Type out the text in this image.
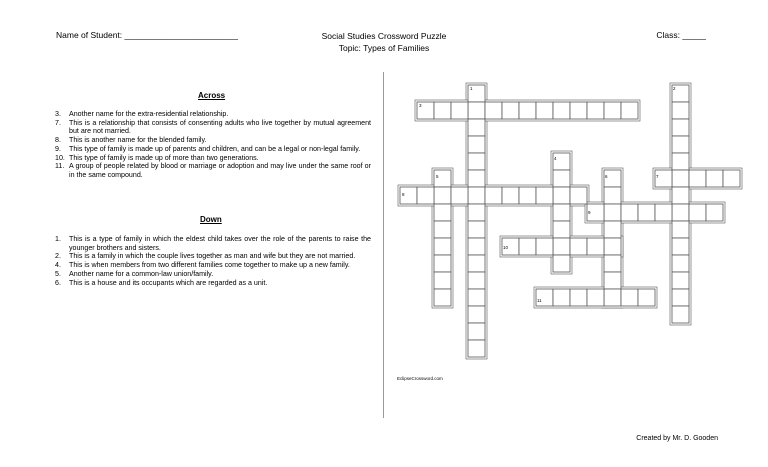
Name of Student: ________________________	Social Studies Crossword Puzzle
Topic: Types of Families
Class: _____
Across
3.	Another name for the extra-residential relationship.
7.	This is a relationship that consists of consenting adults who live together by mutual agreement but are not married.
8.	This is another name for the blended family.
9.	This type of family is made up of parents and children, and can be a legal or non-legal family.
10. This type of family is made up of more than two generations.
11. A group of people related by blood or marriage or adoption and may live under the same roof or in the same compound.
Down
1.	This is a type of family in which the eldest child takes over the role of the parents to raise the younger brothers and sisters.
2.	This is a family in which the couple lives together as man and wife but they are not married.
4.	This is when members from two different families come together to make up a new family.
5.	Another name for a common-law union/family.
6.	This is a house and its occupants which are regarded as a unit.
1	2
3
4
5	6	7
8
9
10
11
EclipseCrossword.com
Created by Mr. D. Gooden
